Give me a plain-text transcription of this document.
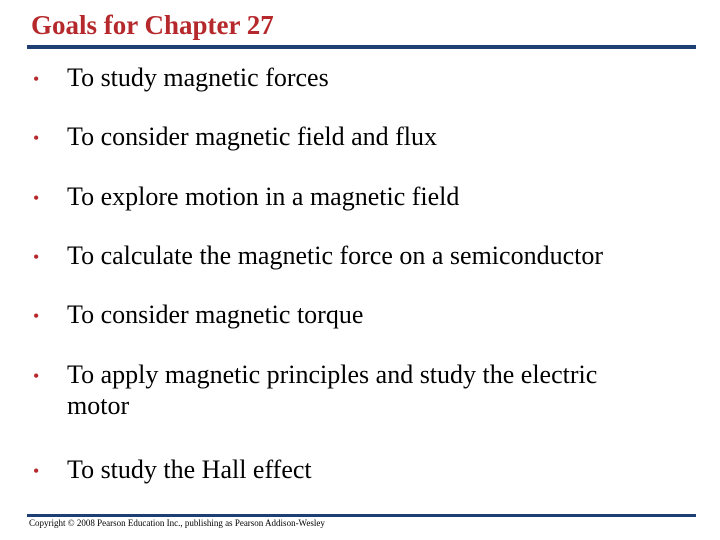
Goals for Chapter 27
•	To study magnetic forces
•	To consider magnetic field and flux
•	To explore motion in a magnetic field
•	To calculate the magnetic force on a semiconductor
•	To consider magnetic torque
•	To apply magnetic principles and study the electric
motor
•	To study the Hall effect
Copyright © 2008 Pearson Education Inc., publishing as Pearson Addison-Wesley
